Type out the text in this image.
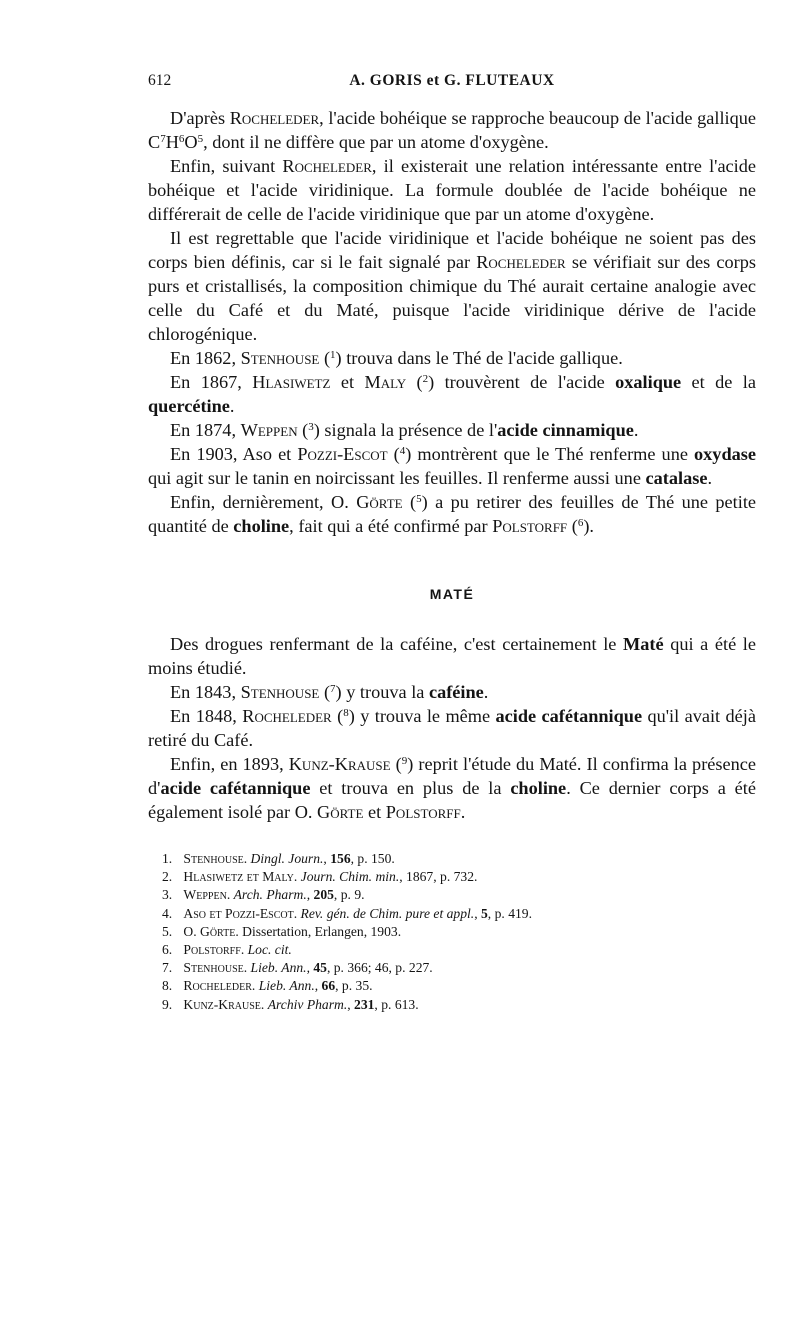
612	A. GORIS et G. FLUTEAUX

D'après Rocheleder, l'acide bohéique se rapproche beaucoup de l'acide gallique $C^7H^6O^5$, dont il ne diffère que par un atome d'oxygène.

Enfin, suivant Rocheleder, il existerait une relation intéressante entre l'acide bohéique et l'acide viridinique. La formule doublée de l'acide bohéique ne différerait de celle de l'acide viridinique que par un atome d'oxygène.

Il est regrettable que l'acide viridinique et l'acide bohéique ne soient pas des corps bien définis, car si le fait signalé par Rocheleder se vérifiait sur des corps purs et cristallisés, la composition chimique du Thé aurait certaine analogie avec celle du Café et du Maté, puisque l'acide viridinique dérive de l'acide chlorogénique.

En 1862, Stenhouse ($^1$) trouva dans le Thé de l'acide gallique.

En 1867, Hlasiwetz et Maly ($^2$) trouvèrent de l'acide oxalique et de la quercétine.

En 1874, Weppen ($^3$) signala la présence de l'acide cinnamique.

En 1903, Aso et Pozzi-Escot ($^4$) montrèrent que le Thé renferme une oxydase qui agit sur le tanin en noircissant les feuilles. Il renferme aussi une catalase.

Enfin, dernièrement, O. Görte ($^5$) a pu retirer des feuilles de Thé une petite quantité de choline, fait qui a été confirmé par Polstorff ($^6$).

MATÉ

Des drogues renfermant de la caféine, c'est certainement le Maté qui a été le moins étudié.

En 1843, Stenhouse ($^7$) y trouva la caféine.

En 1848, Rocheleder ($^8$) y trouva le même acide cafétannique qu'il avait déjà retiré du Café.

Enfin, en 1893, Kunz-Krause ($^9$) reprit l'étude du Maté. Il confirma la présence d'acide cafétannique et trouva en plus de la choline. Ce dernier corps a été également isolé par O. Görte et Polstorff.

1. Stenhouse. Dingl. Journ., 156, p. 150.
2. Hlasiwetz et Maly. Journ. Chim. min., 1867, p. 732.
3. Weppen. Arch. Pharm., 205, p. 9.
4. Aso et Pozzi-Escot. Rev. gén. de Chim. pure et appl., 5, p. 419.
5. O. Görte. Dissertation, Erlangen, 1903.
6. Polstorff. Loc. cit.
7. Stenhouse. Lieb. Ann., 45, p. 366; 46, p. 227.
8. Rocheleder. Lieb. Ann., 66, p. 35.
9. Kunz-Krause. Archiv Pharm., 231, p. 613.
